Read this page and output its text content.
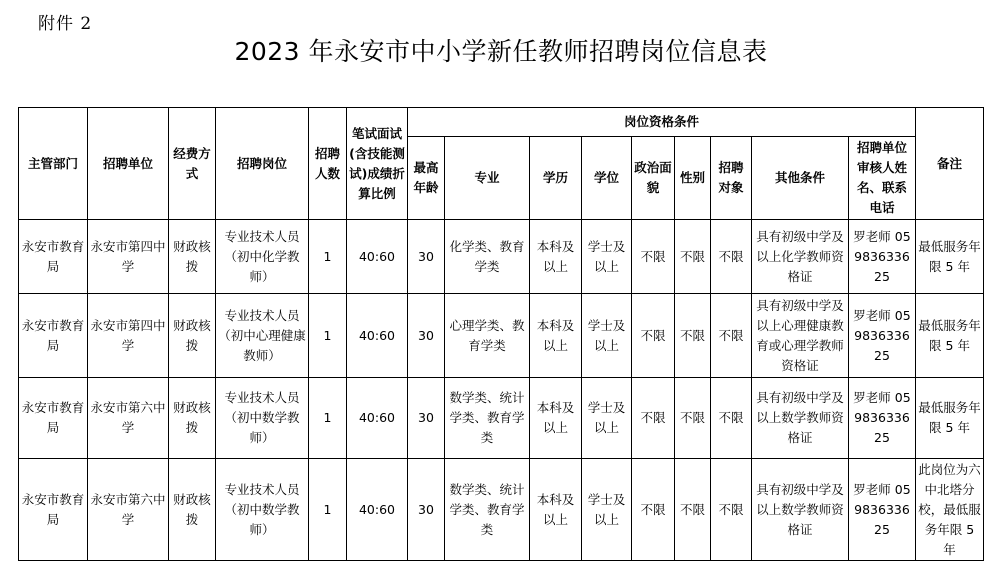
附件 2
2023 年永安市中小学新任教师招聘岗位信息表
主管部门	招聘单位	经费方式	招聘岗位	招聘人数	笔试面试(含技能测试)成绩折算比例	岗位资格条件									备注
						最高年龄	专业	学历	学位	政治面貌	性别	招聘对象	其他条件	招聘单位审核人姓名、联系电话	
永安市教育局	永安市第四中学	财政核拨	专业技术人员（初中化学教师）	1	40:60	30	化学类、教育学类	本科及以上	学士及以上	不限	不限	不限	具有初级中学及以上化学教师资格证	罗老师 05983633625	最低服务年限 5 年
永安市教育局	永安市第四中学	财政核拨	专业技术人员（初中心理健康教师）	1	40:60	30	心理学类、教育学类	本科及以上	学士及以上	不限	不限	不限	具有初级中学及以上心理健康教育或心理学教师资格证	罗老师 05983633625	最低服务年限 5 年
永安市教育局	永安市第六中学	财政核拨	专业技术人员（初中数学教师）	1	40:60	30	数学类、统计学类、教育学类	本科及以上	学士及以上	不限	不限	不限	具有初级中学及以上数学教师资格证	罗老师 05983633625	最低服务年限 5 年
永安市教育局	永安市第六中学	财政核拨	专业技术人员（初中数学教师）	1	40:60	30	数学类、统计学类、教育学类	本科及以上	学士及以上	不限	不限	不限	具有初级中学及以上数学教师资格证	罗老师 05983633625	此岗位为六中北塔分校，最低服务年限 5 年
